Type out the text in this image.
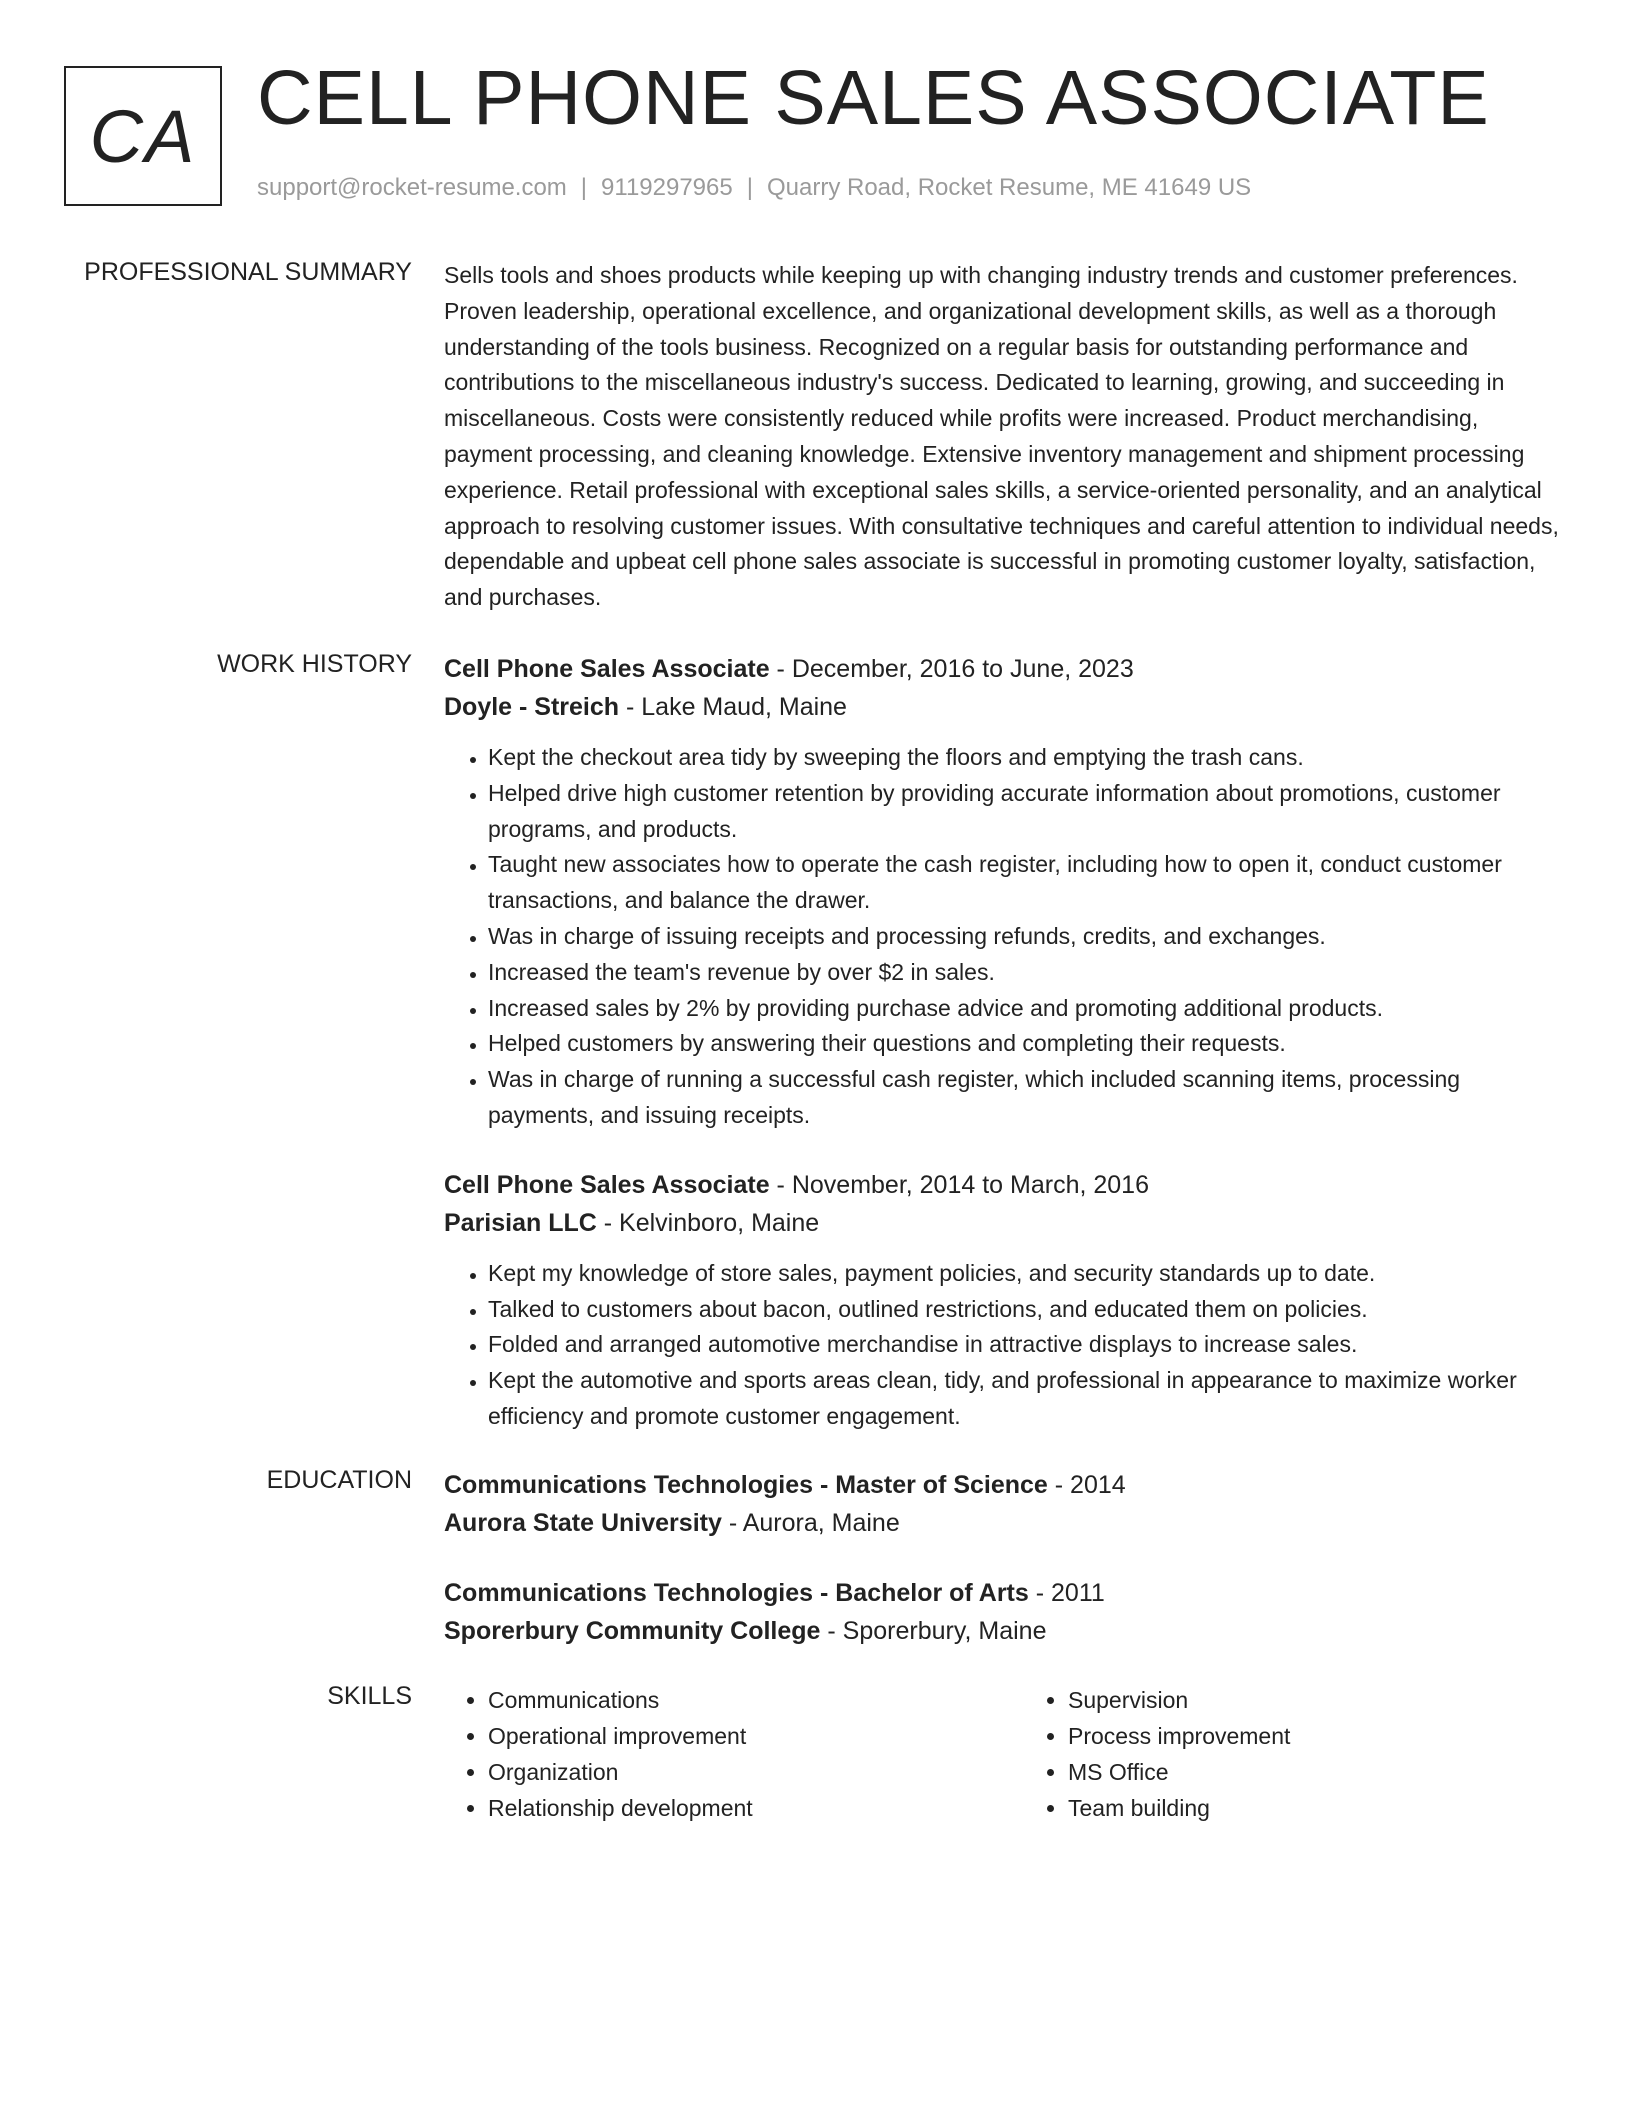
CA CELL PHONE SALES ASSOCIATE
support@rocket-resume.com | 9119297965 | Quarry Road, Rocket Resume, ME 41649 US
PROFESSIONAL SUMMARY Sells tools and shoes products while keeping up with changing industry trends and customer preferences. Proven leadership, operational excellence, and organizational development skills, as well as a thorough understanding of the tools business. Recognized on a regular basis for outstanding performance and contributions to the miscellaneous industry's success. Dedicated to learning, growing, and succeeding in miscellaneous. Costs were consistently reduced while profits were increased. Product merchandising, payment processing, and cleaning knowledge. Extensive inventory management and shipment processing experience. Retail professional with exceptional sales skills, a service-oriented personality, and an analytical approach to resolving customer issues. With consultative techniques and careful attention to individual needs, dependable and upbeat cell phone sales associate is successful in promoting customer loyalty, satisfaction, and purchases.

WORK HISTORY Cell Phone Sales Associate - December, 2016 to June, 2023
Doyle - Streich - Lake Maud, Maine
• Kept the checkout area tidy by sweeping the floors and emptying the trash cans.
• Helped drive high customer retention by providing accurate information about promotions, customer programs, and products.
• Taught new associates how to operate the cash register, including how to open it, conduct customer transactions, and balance the drawer.
• Was in charge of issuing receipts and processing refunds, credits, and exchanges.
• Increased the team's revenue by over $2 in sales.
• Increased sales by 2% by providing purchase advice and promoting additional products.
• Helped customers by answering their questions and completing their requests.
• Was in charge of running a successful cash register, which included scanning items, processing payments, and issuing receipts.
Cell Phone Sales Associate - November, 2014 to March, 2016
Parisian LLC - Kelvinboro, Maine
• Kept my knowledge of store sales, payment policies, and security standards up to date.
• Talked to customers about bacon, outlined restrictions, and educated them on policies.
• Folded and arranged automotive merchandise in attractive displays to increase sales.
• Kept the automotive and sports areas clean, tidy, and professional in appearance to maximize worker efficiency and promote customer engagement.
EDUCATION Communications Technologies - Master of Science - 2014
Aurora State University - Aurora, Maine
Communications Technologies - Bachelor of Arts - 2011
Sporerbury Community College - Sporerbury, Maine
SKILLS
•	Communications
• Operational improvement
• Organization
• Relationship development
• Supervision
• Process improvement
• MS Office
• Team building
